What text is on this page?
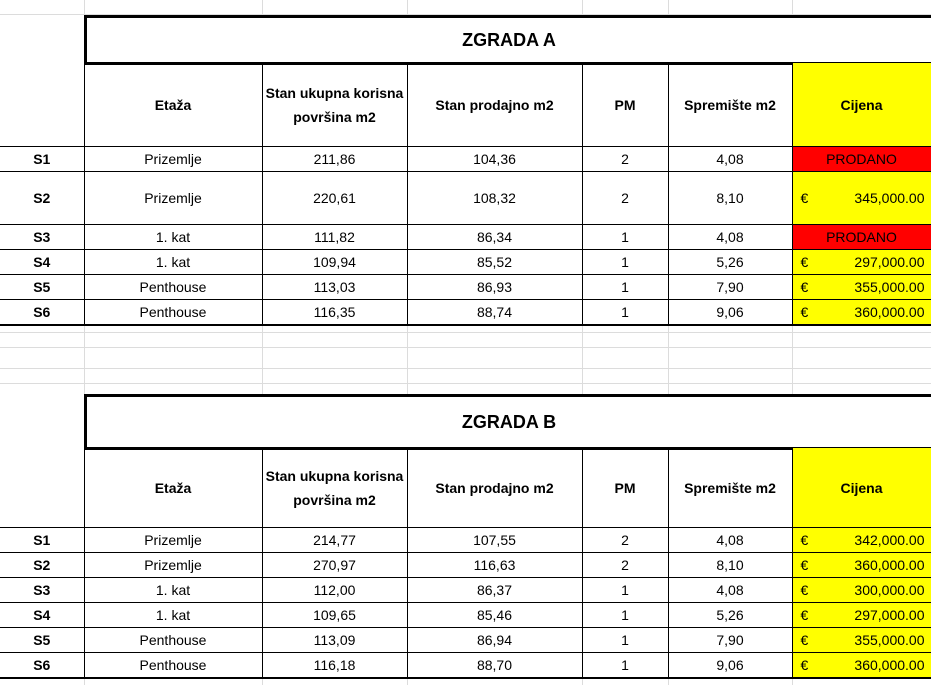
ZGRADA A
	Etaža	Stan ukupna korisna površina m2	Stan prodajno m2	PM	Spremište m2	Cijena
S1	Prizemlje	211,86	104,36	2	4,08	PRODANO
S2	Prizemlje	220,61	108,32	2	8,10	€ 345,000.00

S3	1. kat	111,82	86,34	1	4,08	PRODANO
S4	1. kat	109,94	85,52	1	5,26	€ 297,000.00

S5	Penthouse	113,03	86,93	1	7,90	€ 355,000.00

S6	Penthouse	116,35	88,74	1	9,06	€ 360,000.00
ZGRADA B
	Etaža	Stan ukupna korisna površina m2	Stan prodajno m2	PM	Spremište m2	Cijena
S1	Prizemlje	214,77	107,55	2	4,08	€ 342,000.00

S2	Prizemlje	270,97	116,63	2	8,10	€ 360,000.00

S3	1. kat	112,00	86,37	1	4,08	€ 300,000.00

S4	1. kat	109,65	85,46	1	5,26	€ 297,000.00

S5	Penthouse	113,09	86,94	1	7,90	€ 355,000.00

S6	Penthouse	116,18	88,70	1	9,06	€ 360,000.00
